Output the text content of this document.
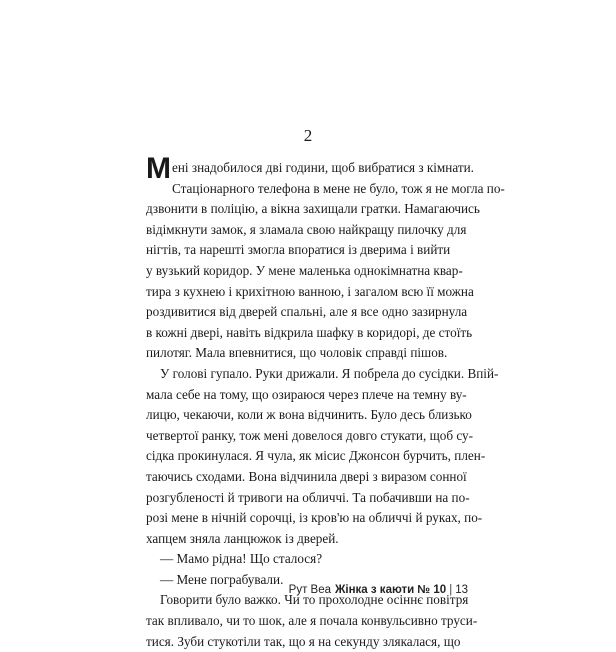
2
М ені знадобилося дві години, щоб вибратися з кімнати.
Стаціонарного телефона в мене не було, тож я не могла по-
дзвонити в поліцію, а вікна захищали гратки. Намагаючись
відімкнути замок, я зламала свою найкращу пилочку для
нігтів, та нарешті змогла впоратися із дверима і вийти
у вузький коридор. У мене маленька однокімнатна квар-
тира з кухнею і крихітною ванною, і загалом всю її можна
роздивитися від дверей спальні, але я все одно зазирнула
в кожні двері, навіть відкрила шафку в коридорі, де стоїть
пилотяг. Мала впевнитися, що чоловік справді пішов.
У голові гупало. Руки дрижали. Я побрела до сусідки. Впій-
мала себе на тому, що озираюся через плече на темну ву-
лицю, чекаючи, коли ж вона відчинить. Було десь близько
четвертої ранку, тож мені довелося довго стукати, щоб су-
сідка прокинулася. Я чула, як місис Джонсон бурчить, плен-
таючись сходами. Вона відчинила двері з виразом сонної
розгубленості й тривоги на обличчі. Та побачивши на по-
розі мене в нічній сорочці, із кров'ю на обличчі й руках, по-
хапцем зняла ланцюжок із дверей.
— Мамо рідна! Що сталося?
— Мене пограбували.
Говорити було важко. Чи то прохолодне осіннє повітря
так впливало, чи то шок, але я почала конвульсивно труси-
тися. Зуби стукотіли так, що я на секунду злякалася, що
Рут Веа Жінка з каюти № 10 | 13
